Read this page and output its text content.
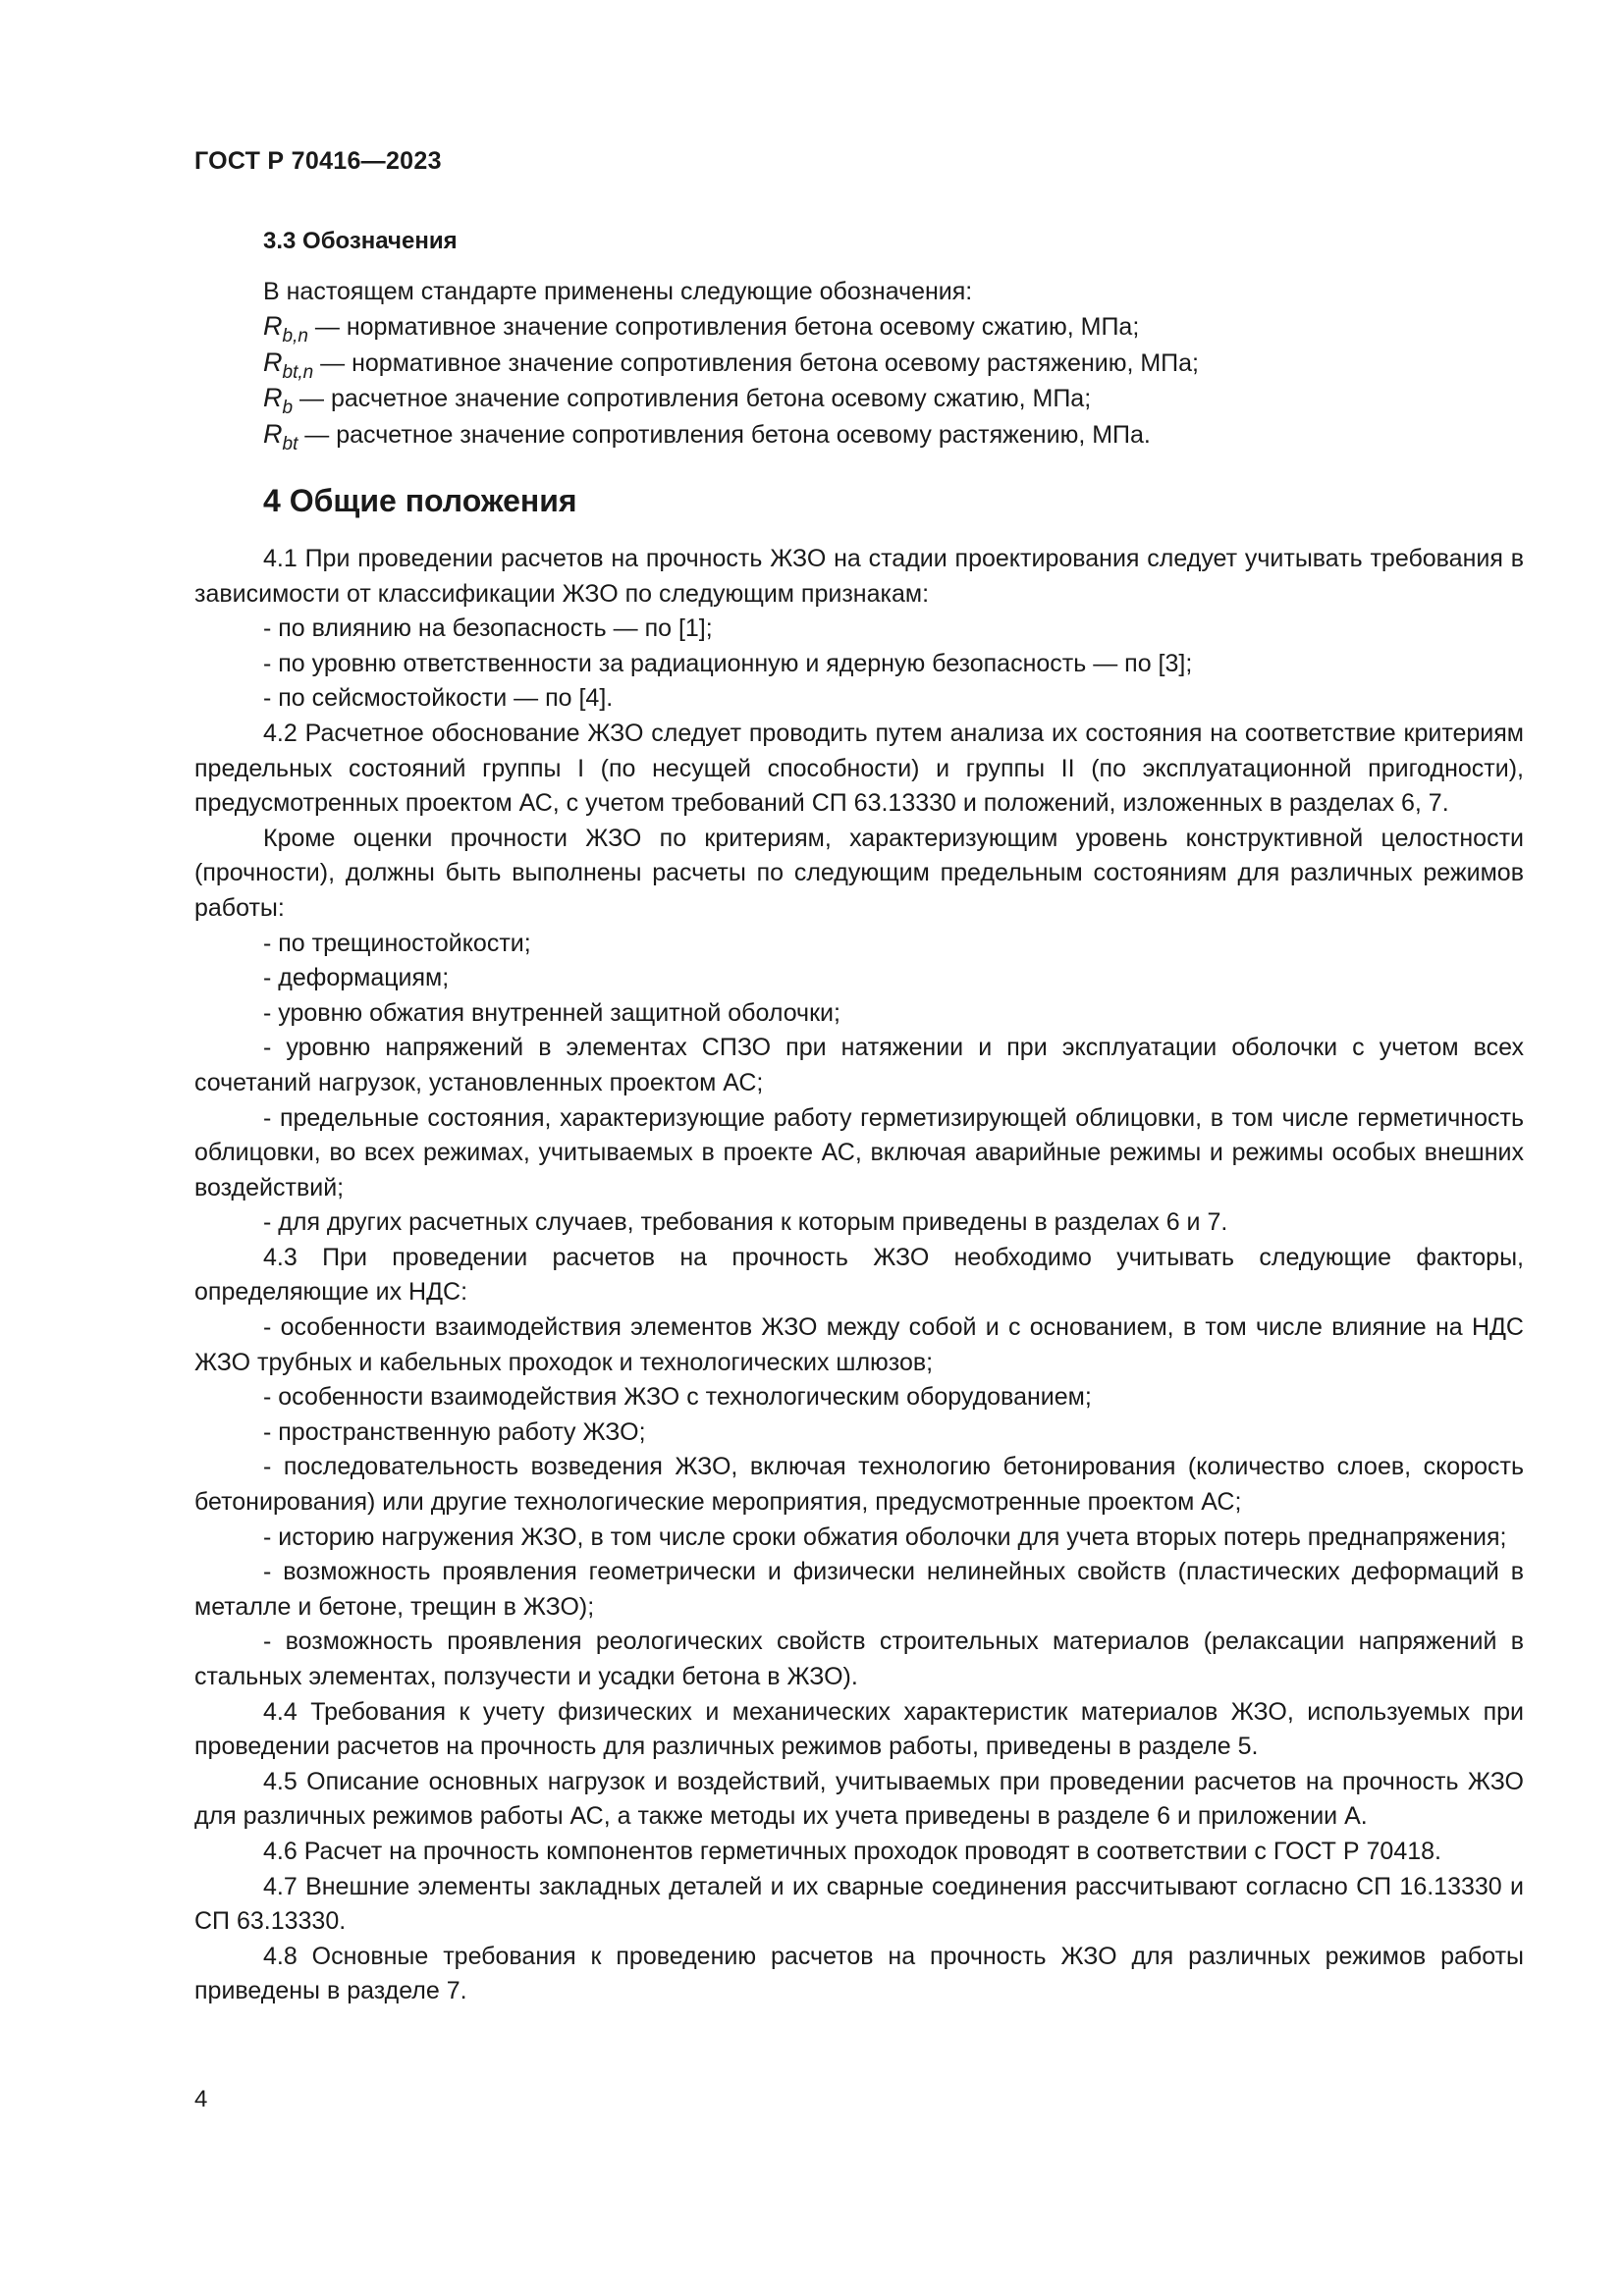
ГОСТ Р 70416—2023
3.3 Обозначения
В настоящем стандарте применены следующие обозначения:
$R_{b,n}$ — нормативное значение сопротивления бетона осевому сжатию, МПа;
$R_{bt,n}$ — нормативное значение сопротивления бетона осевому растяжению, МПа;
$R_b$ — расчетное значение сопротивления бетона осевому сжатию, МПа;
$R_{bt}$ — расчетное значение сопротивления бетона осевому растяжению, МПа.
4 Общие положения

4.1 При проведении расчетов на прочность ЖЗО на стадии проектирования следует учитывать требования в зависимости от классификации ЖЗО по следующим признакам:

- по влиянию на безопасность — по [1];

- по уровню ответственности за радиационную и ядерную безопасность — по [3];

- по сейсмостойкости — по [4].

4.2 Расчетное обоснование ЖЗО следует проводить путем анализа их состояния на соответствие критериям предельных состояний группы I (по несущей способности) и группы II (по эксплуатационной пригодности), предусмотренных проектом АС, с учетом требований СП 63.13330 и положений, изложенных в разделах 6, 7.

Кроме оценки прочности ЖЗО по критериям, характеризующим уровень конструктивной целостности (прочности), должны быть выполнены расчеты по следующим предельным состояниям для различных режимов работы:

- по трещиностойкости;

- деформациям;

- уровню обжатия внутренней защитной оболочки;

- уровню напряжений в элементах СПЗО при натяжении и при эксплуатации оболочки с учетом всех сочетаний нагрузок, установленных проектом АС;

- предельные состояния, характеризующие работу герметизирующей облицовки, в том числе герметичность облицовки, во всех режимах, учитываемых в проекте АС, включая аварийные режимы и режимы особых внешних воздействий;

- для других расчетных случаев, требования к которым приведены в разделах 6 и 7.

4.3 При проведении расчетов на прочность ЖЗО необходимо учитывать следующие факторы, определяющие их НДС:

- особенности взаимодействия элементов ЖЗО между собой и с основанием, в том числе влияние на НДС ЖЗО трубных и кабельных проходок и технологических шлюзов;

- особенности взаимодействия ЖЗО с технологическим оборудованием;

- пространственную работу ЖЗО;

- последовательность возведения ЖЗО, включая технологию бетонирования (количество слоев, скорость бетонирования) или другие технологические мероприятия, предусмотренные проектом АС;

- историю нагружения ЖЗО, в том числе сроки обжатия оболочки для учета вторых потерь преднапряжения;

- возможность проявления геометрически и физически нелинейных свойств (пластических деформаций в металле и бетоне, трещин в ЖЗО);

- возможность проявления реологических свойств строительных материалов (релаксации напряжений в стальных элементах, ползучести и усадки бетона в ЖЗО).

4.4 Требования к учету физических и механических характеристик материалов ЖЗО, используемых при проведении расчетов на прочность для различных режимов работы, приведены в разделе 5.

4.5 Описание основных нагрузок и воздействий, учитываемых при проведении расчетов на прочность ЖЗО для различных режимов работы АС, а также методы их учета приведены в разделе 6 и приложении А.

4.6 Расчет на прочность компонентов герметичных проходок проводят в соответствии с ГОСТ Р 70418.

4.7 Внешние элементы закладных деталей и их сварные соединения рассчитывают согласно СП 16.13330 и СП 63.13330.

4.8 Основные требования к проведению расчетов на прочность ЖЗО для различных режимов работы приведены в разделе 7.

4
